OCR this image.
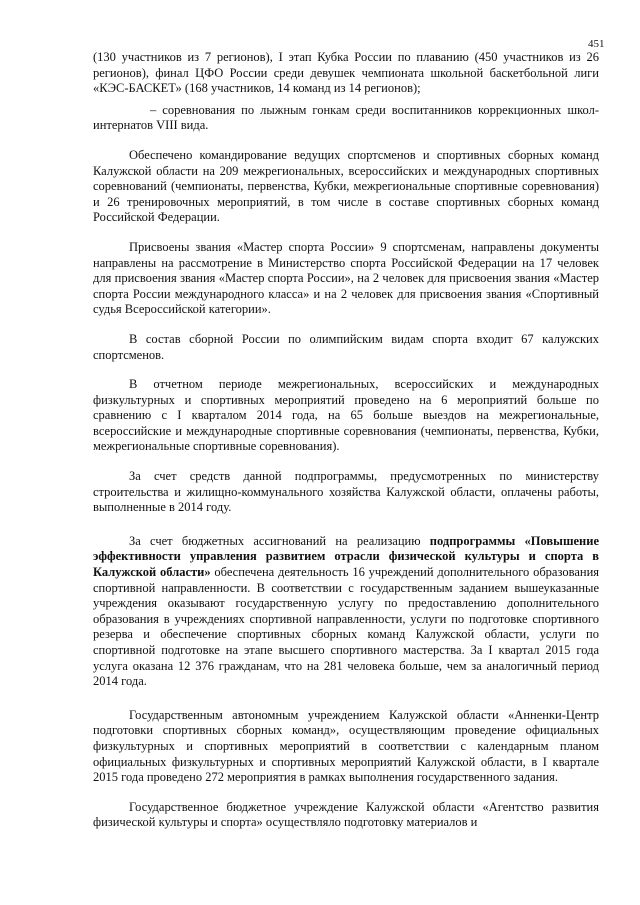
451

(130 участников из 7 регионов), I этап Кубка России по плаванию (450 участников из 26 регионов), финал ЦФО России среди девушек чемпионата школьной баскетбольной лиги «КЭС-БАСКЕТ» (168 участников, 14 команд из 14 регионов);

– соревнования по лыжным гонкам среди воспитанников коррекционных школ-интернатов VIII вида.

Обеспечено командирование ведущих спортсменов и спортивных сборных команд Калужской области на 209 межрегиональных, всероссийских и международных спортивных соревнований (чемпионаты, первенства, Кубки, межрегиональные спортивные соревнования) и 26 тренировочных мероприятий, в том числе в составе спортивных сборных команд Российской Федерации.

Присвоены звания «Мастер спорта России» 9 спортсменам, направлены документы направлены на рассмотрение в Министерство спорта Российской Федерации на 17 человек для присвоения звания «Мастер спорта России», на 2 человек для присвоения звания «Мастер спорта России международного класса» и на 2 человек для присвоения звания «Спортивный судья Всероссийской категории».

В состав сборной России по олимпийским видам спорта входит 67 калужских спортсменов.

В отчетном периоде межрегиональных, всероссийских и международных физкультурных и спортивных мероприятий проведено на 6 мероприятий больше по сравнению с I кварталом 2014 года, на 65 больше выездов на межрегиональные, всероссийские и международные спортивные соревнования (чемпионаты, первенства, Кубки, межрегиональные спортивные соревнования).

За счет средств данной подпрограммы, предусмотренных по министерству строительства и жилищно-коммунального хозяйства Калужской области, оплачены работы, выполненные в 2014 году.

За счет бюджетных ассигнований на реализацию подпрограммы «Повышение эффективности управления развитием отрасли физической культуры и спорта в Калужской области» обеспечена деятельность 16 учреждений дополнительного образования спортивной направленности. В соответствии с государственным заданием вышеуказанные учреждения оказывают государственную услугу по предоставлению дополнительного образования в учреждениях спортивной направленности, услуги по подготовке спортивного резерва и обеспечение спортивных сборных команд Калужской области, услуги по спортивной подготовке на этапе высшего спортивного мастерства. За I квартал 2015 года услуга оказана 12 376 гражданам, что на 281 человека больше, чем за аналогичный период 2014 года.

Государственным автономным учреждением Калужской области «Анненки-Центр подготовки спортивных сборных команд», осуществляющим проведение официальных физкультурных и спортивных мероприятий в соответствии с календарным планом официальных физкультурных и спортивных мероприятий Калужской области, в I квартале 2015 года проведено 272 мероприятия в рамках выполнения государственного задания.

Государственное бюджетное учреждение Калужской области «Агентство развития физической культуры и спорта» осуществляло подготовку материалов и
